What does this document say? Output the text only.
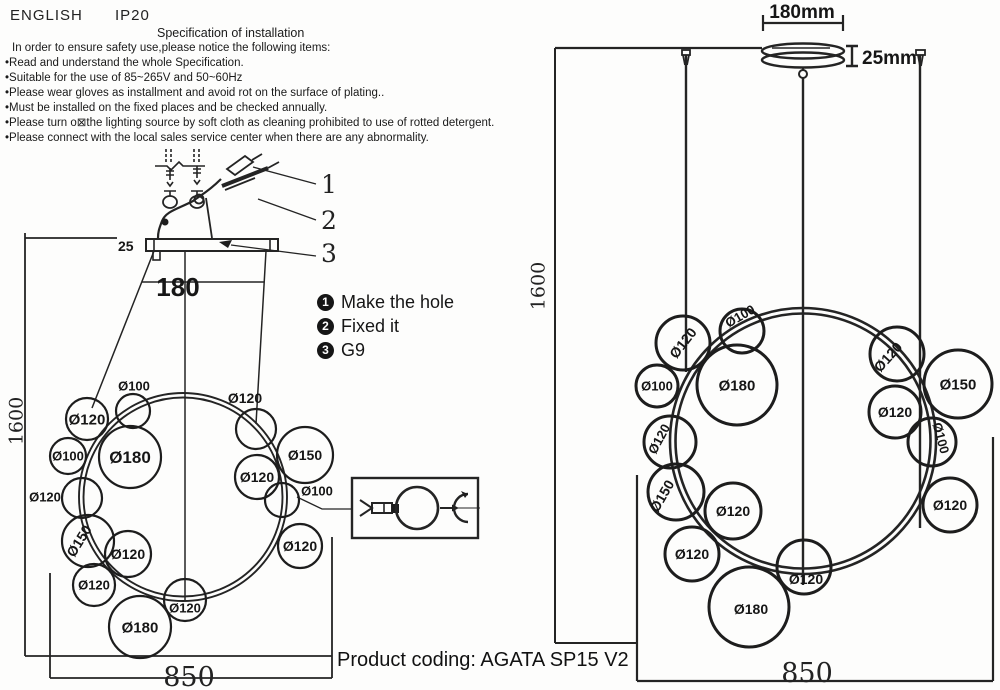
ENGLISH IP20
Specification of installation
In order to ensure safety use,please notice the following items:
•Read and understand the whole Specification.
•Suitable for the use of 85~265V and 50~60Hz
•Please wear gloves as installment and avoid rot on the surface of plating..
•Must be installed on the fixed places and be checked annually.
•Please turn o⊠the lighting source by soft cloth as cleaning prohibited to use of rotted detergent.
•Please connect with the local sales service center when there are any abnormality.
1 Make the hole
2 Fixed it
3 G9
Product coding: AGATA SP15 V2
1
2
3
25
180
1600
850
Ø120
Ø100
Ø180
Ø100
Ø120
Ø150 Ø120
Ø120
Ø180
Ø120
Ø120
Ø150
Ø120
Ø100
Ø120
180mm
25mm
1600
850
Ø120
Ø100
Ø180
Ø100
Ø120
Ø150	Ø120
Ø120
Ø120
Ø150
Ø120
Ø100
Ø120
Ø120
Ø180
